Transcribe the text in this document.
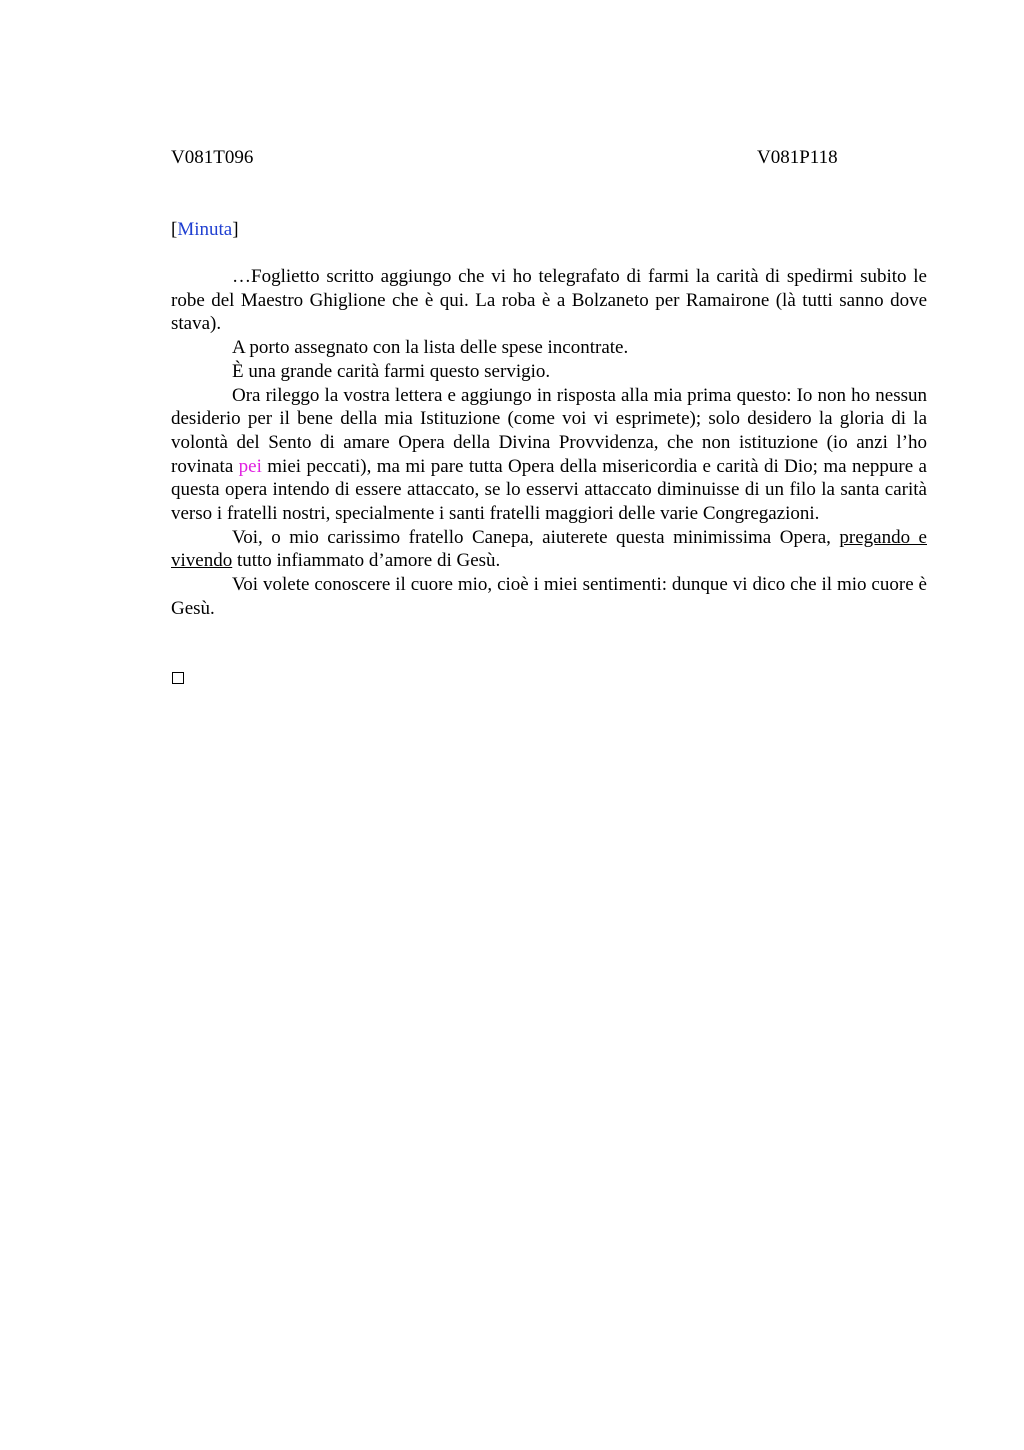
V081T096	V081P118
[Minuta]

…Foglietto scritto aggiungo che vi ho telegrafato di farmi la carità di spedirmi subito le robe del Maestro Ghiglione che è qui. La roba è a Bolzaneto per Ramairone (là tutti sanno dove stava).

A porto assegnato con la lista delle spese incontrate.

È una grande carità farmi questo servigio.

Ora rileggo la vostra lettera e aggiungo in risposta alla mia prima questo: Io non ho nessun desiderio per il bene della mia Istituzione (come voi vi esprimete); solo desidero la gloria di la volontà del Sento di amare Opera della Divina Provvidenza, che non istituzione (io anzi l’ho rovinata pei miei peccati), ma mi pare tutta Opera della misericordia e carità di Dio; ma neppure a questa opera intendo di essere attaccato, se lo esservi attaccato diminuisse di un filo la santa carità verso i fratelli nostri, specialmente i santi fratelli maggiori delle varie Congregazioni.

Voi, o mio carissimo fratello Canepa, aiuterete questa minimissima Opera, pregando e vivendo tutto infiammato d’amore di Gesù.

Voi volete conoscere il cuore mio, cioè i miei sentimenti: dunque vi dico che il mio cuore è Gesù.
